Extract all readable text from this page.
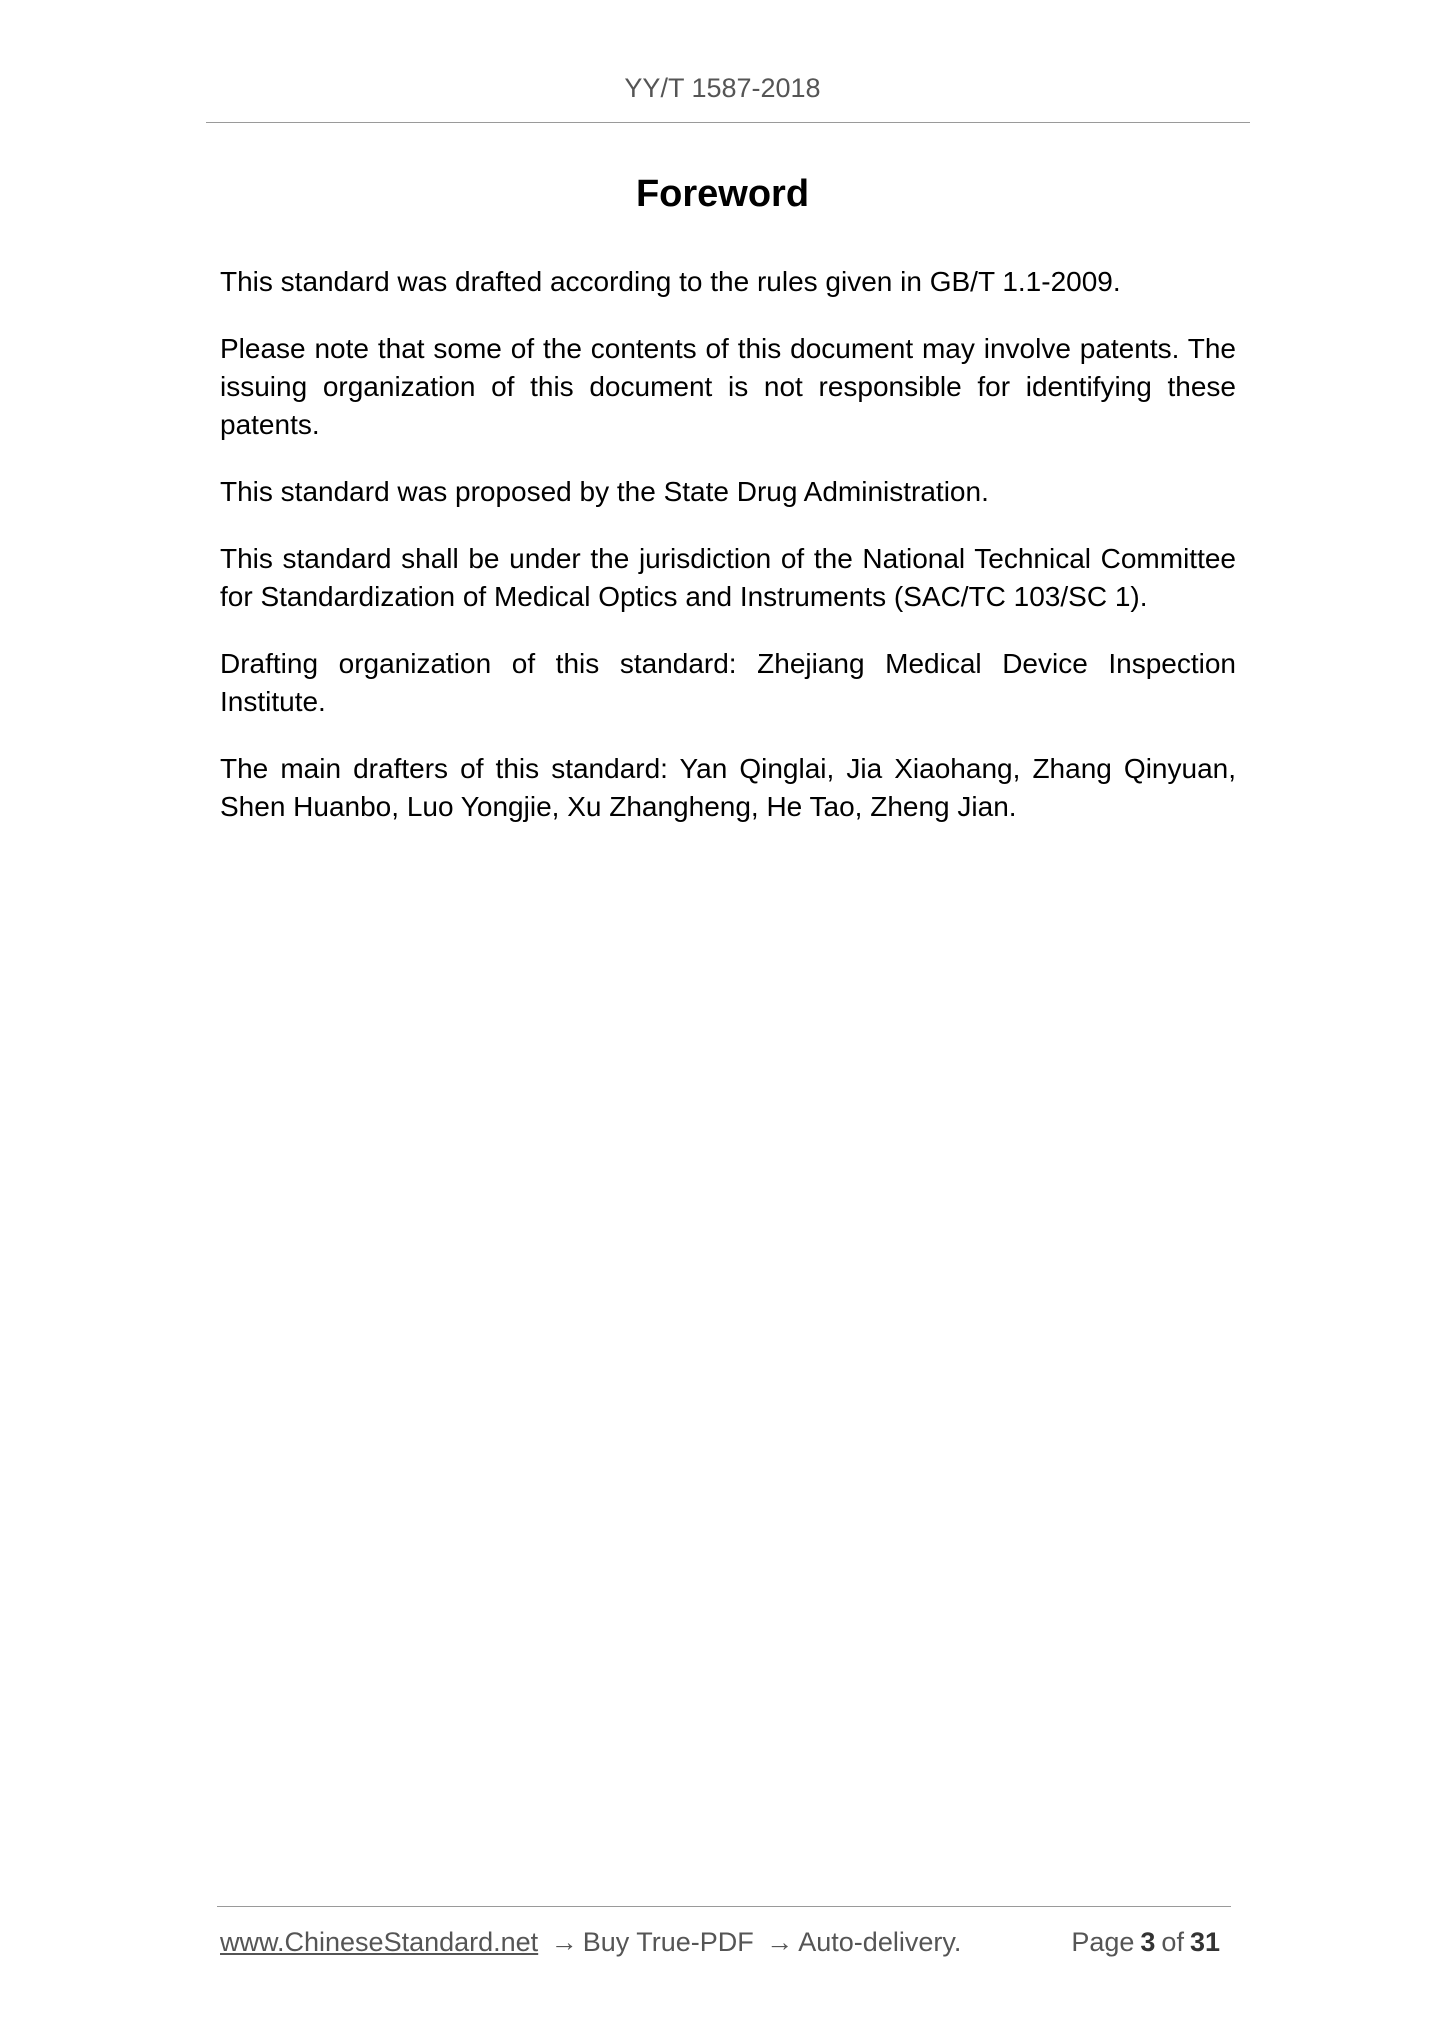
YY/T 1587-2018
Foreword

This standard was drafted according to the rules given in GB/T 1.1-2009.

Please note that some of the contents of this document may involve patents. The issuing organization of this document is not responsible for identifying these patents.

This standard was proposed by the State Drug Administration.

This standard shall be under the jurisdiction of the National Technical Committee for Standardization of Medical Optics and Instruments (SAC/TC 103/SC 1).

Drafting organization of this standard: Zhejiang Medical Device Inspection Institute.

The main drafters of this standard: Yan Qinglai, Jia Xiaohang, Zhang Qinyuan, Shen Huanbo, Luo Yongjie, Xu Zhangheng, He Tao, Zheng Jian.

www.ChineseStandard.net → Buy True-PDF → Auto-delivery.	Page 3 of 31
